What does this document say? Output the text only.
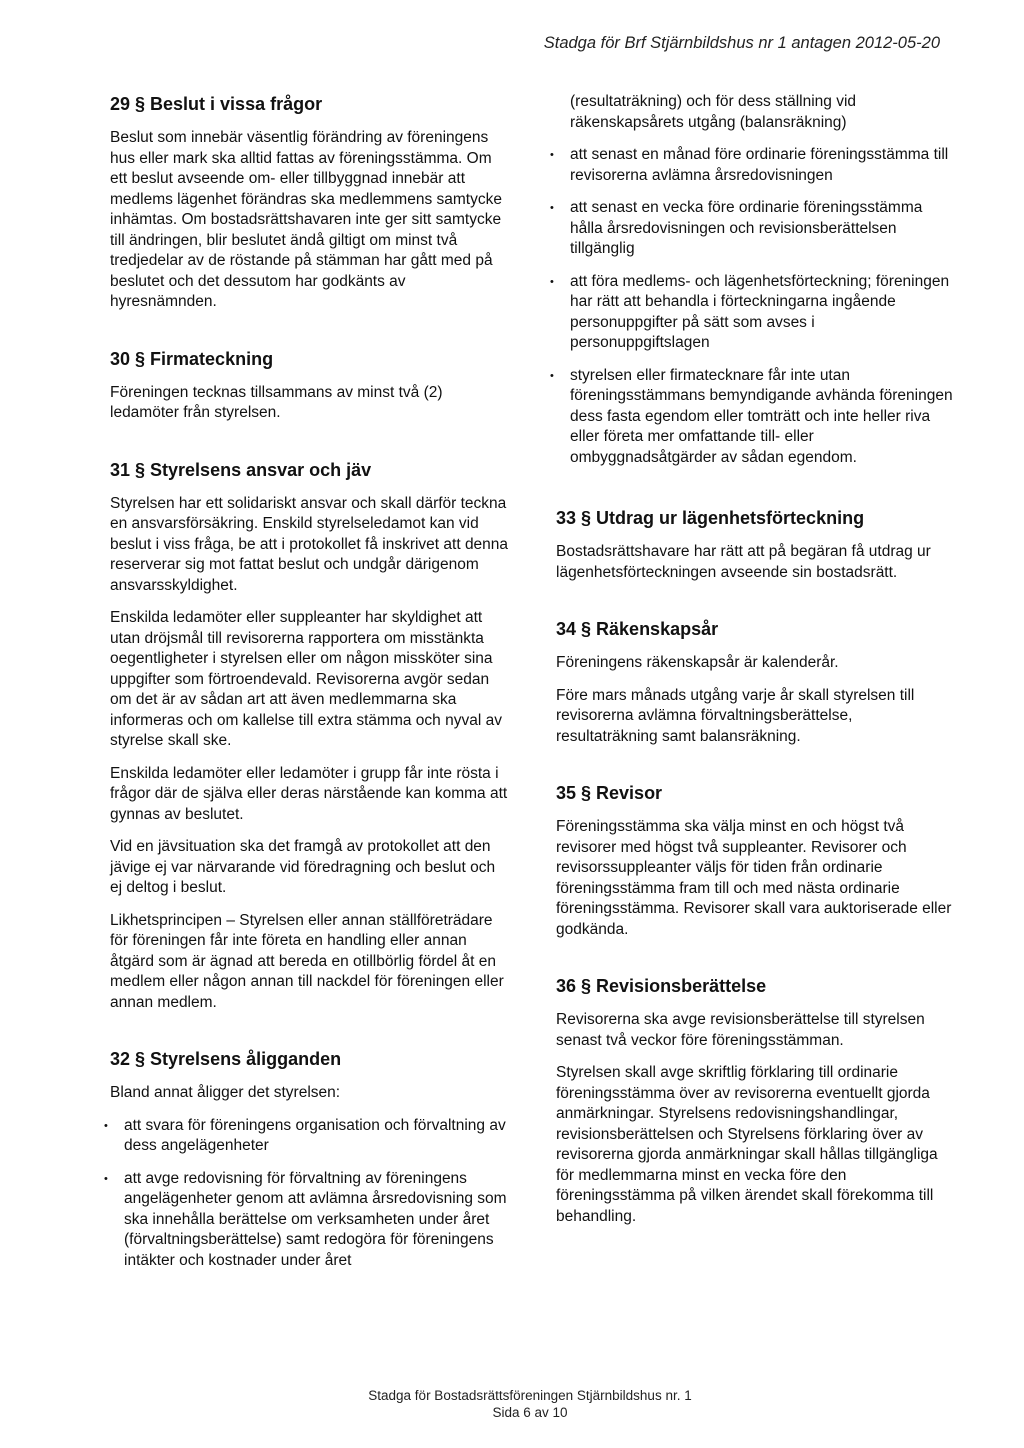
Stadga för Brf Stjärnbildshus nr 1 antagen 2012-05-20
29 § Beslut i vissa frågor

Beslut som innebär väsentlig förändring av föreningens hus eller mark ska alltid fattas av föreningsstämma. Om ett beslut avseende om- eller tillbyggnad innebär att medlems lägenhet förändras ska medlemmens samtycke inhämtas. Om bostadsrättshavaren inte ger sitt samtycke till ändringen, blir beslutet ändå giltigt om minst två tredjedelar av de röstande på stämman har gått med på beslutet och det dessutom har godkänts av hyresnämnden.

30 § Firmateckning

Föreningen tecknas tillsammans av minst två (2) ledamöter från styrelsen.

31 § Styrelsens ansvar och jäv

Styrelsen har ett solidariskt ansvar och skall därför teckna en ansvarsförsäkring. Enskild styrelseledamot kan vid beslut i viss fråga, be att i protokollet få inskrivet att denna reserverar sig mot fattat beslut och undgår därigenom ansvarsskyldighet.

Enskilda ledamöter eller suppleanter har skyldighet att utan dröjsmål till revisorerna rapportera om misstänkta oegentligheter i styrelsen eller om någon missköter sina uppgifter som förtroendevald. Revisorerna avgör sedan om det är av sådan art att även medlemmarna ska informeras och om kallelse till extra stämma och nyval av styrelse skall ske.

Enskilda ledamöter eller ledamöter i grupp får inte rösta i frågor där de själva eller deras närstående kan komma att gynnas av beslutet.

Vid en jävsituation ska det framgå av protokollet att den jävige ej var närvarande vid föredragning och beslut och ej deltog i beslut.

Likhetsprincipen – Styrelsen eller annan ställföreträdare för föreningen får inte företa en handling eller annan åtgärd som är ägnad att bereda en otillbörlig fördel åt en medlem eller någon annan till nackdel för föreningen eller annan medlem.

32 § Styrelsens åligganden

Bland annat åligger det styrelsen:

• att svara för föreningens organisation och förvaltning av dess angelägenheter
• att avge redovisning för förvaltning av föreningens angelägenheter genom att avlämna årsredovisning som ska innehålla berättelse om verksamheten under året (förvaltningsberättelse) samt redogöra för föreningens intäkter och kostnader under året

(resultaträkning) och för dess ställning vid räkenskapsårets utgång (balansräkning)

• att senast en månad före ordinarie föreningsstämma till revisorerna avlämna årsredovisningen
• att senast en vecka före ordinarie föreningsstämma hålla årsredovisningen och revisionsberättelsen tillgänglig
• att föra medlems- och lägenhetsförteckning; föreningen har rätt att behandla i förteckningarna ingående personuppgifter på sätt som avses i personuppgiftslagen
• styrelsen eller firmatecknare får inte utan föreningsstämmans bemyndigande avhända föreningen dess fasta egendom eller tomträtt och inte heller riva eller företa mer omfattande till- eller ombyggnadsåtgärder av sådan egendom.
33 § Utdrag ur lägenhetsförteckning

Bostadsrättshavare har rätt att på begäran få utdrag ur lägenhetsförteckningen avseende sin bostadsrätt.

34 § Räkenskapsår

Föreningens räkenskapsår är kalenderår.

Före mars månads utgång varje år skall styrelsen till revisorerna avlämna förvaltningsberättelse, resultaträkning samt balansräkning.

35 § Revisor

Föreningsstämma ska välja minst en och högst två revisorer med högst två suppleanter. Revisorer och revisorssuppleanter väljs för tiden från ordinarie föreningsstämma fram till och med nästa ordinarie föreningsstämma. Revisorer skall vara auktoriserade eller godkända.

36 § Revisionsberättelse

Revisorerna ska avge revisionsberättelse till styrelsen senast två veckor före föreningsstämman.

Styrelsen skall avge skriftlig förklaring till ordinarie föreningsstämma över av revisorerna eventuellt gjorda anmärkningar. Styrelsens redovisningshandlingar, revisionsberättelsen och Styrelsens förklaring över av revisorerna gjorda anmärkningar skall hållas tillgängliga för medlemmarna minst en vecka före den föreningsstämma på vilken ärendet skall förekomma till behandling.

Stadga för Bostadsrättsföreningen Stjärnbildshus nr. 1
Sida 6 av 10
